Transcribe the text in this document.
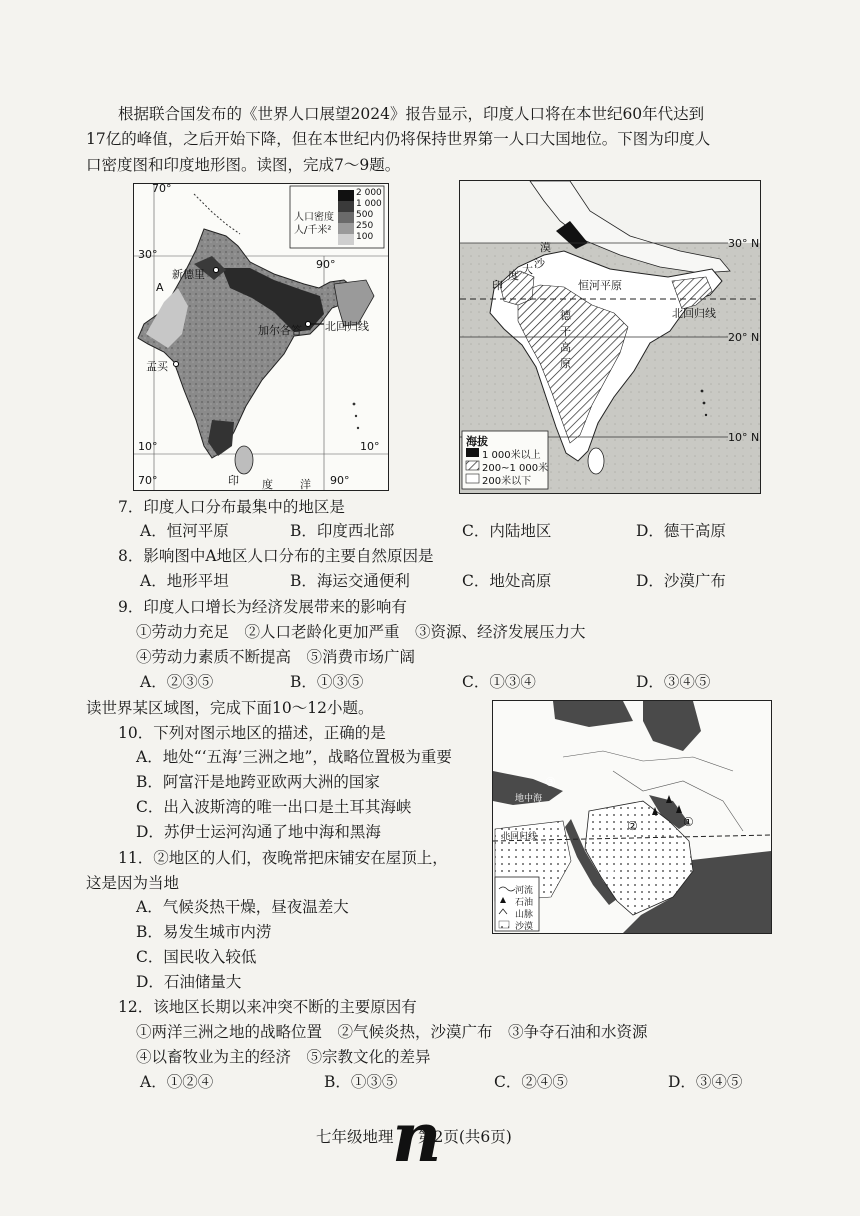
根据联合国发布的《世界人口展望2024》报告显示，印度人口将在本世纪60年代达到
17亿的峰值，之后开始下降，但在本世纪内仍将保持世界第一人口大国地位。下图为印度人
口密度图和印度地形图。读图，完成7～9题。
70°
30°
90°
新德里
A
加尔各答 北回归线
孟买
10°	10°
70°	印 度 洋 90°
人口密度
人/千米²
2 000
1 000
500
250
100	30° N
20° N
10° N
漠
度 大 沙
印	恒河平原
北回归线
德
干
高
原
海拔
1 000米以上
200~1 000米
200米以下
7．印度人口分布最集中的地区是
A．恒河平原	B．印度西北部	C．内陆地区	D．德干高原
8．影响图中A地区人口分布的主要自然原因是
A．地形平坦	B．海运交通便利	C．地处高原	D．沙漠广布
9．印度人口增长为经济发展带来的影响有
①劳动力充足　②人口老龄化更加严重　③资源、经济发展压力大
④劳动力素质不断提高　⑤消费市场广阔
A．②③⑤	B．①③⑤	C．①③④	D．③④⑤
读世界某区域图，完成下面10～12小题。
10．下列对图示地区的描述，正确的是
A．地处“‘五海’三洲之地”，战略位置极为重要
B．阿富汗是地跨亚欧两大洲的国家
C．出入波斯湾的唯一出口是土耳其海峡
D．苏伊士运河沟通了地中海和黑海
11．②地区的人们，夜晚常把床铺安在屋顶上，
这是因为当地
A．气候炎热干燥，昼夜温差大
B．易发生城市内涝
C．国民收入较低
D．石油储量大
地中海
北回归线
红海
①
②
③
河流
石油
山脉
沙漠
12．该地区长期以来冲突不断的主要原因有
①两洋三洲之地的战略位置　②气候炎热，沙漠广布　③争夺石油和水资源
④以畜牧业为主的经济　⑤宗教文化的差异
A．①②④	B．①③⑤	C．②④⑤	D．③④⑤
七年级地理 第2页(共6页)
n
